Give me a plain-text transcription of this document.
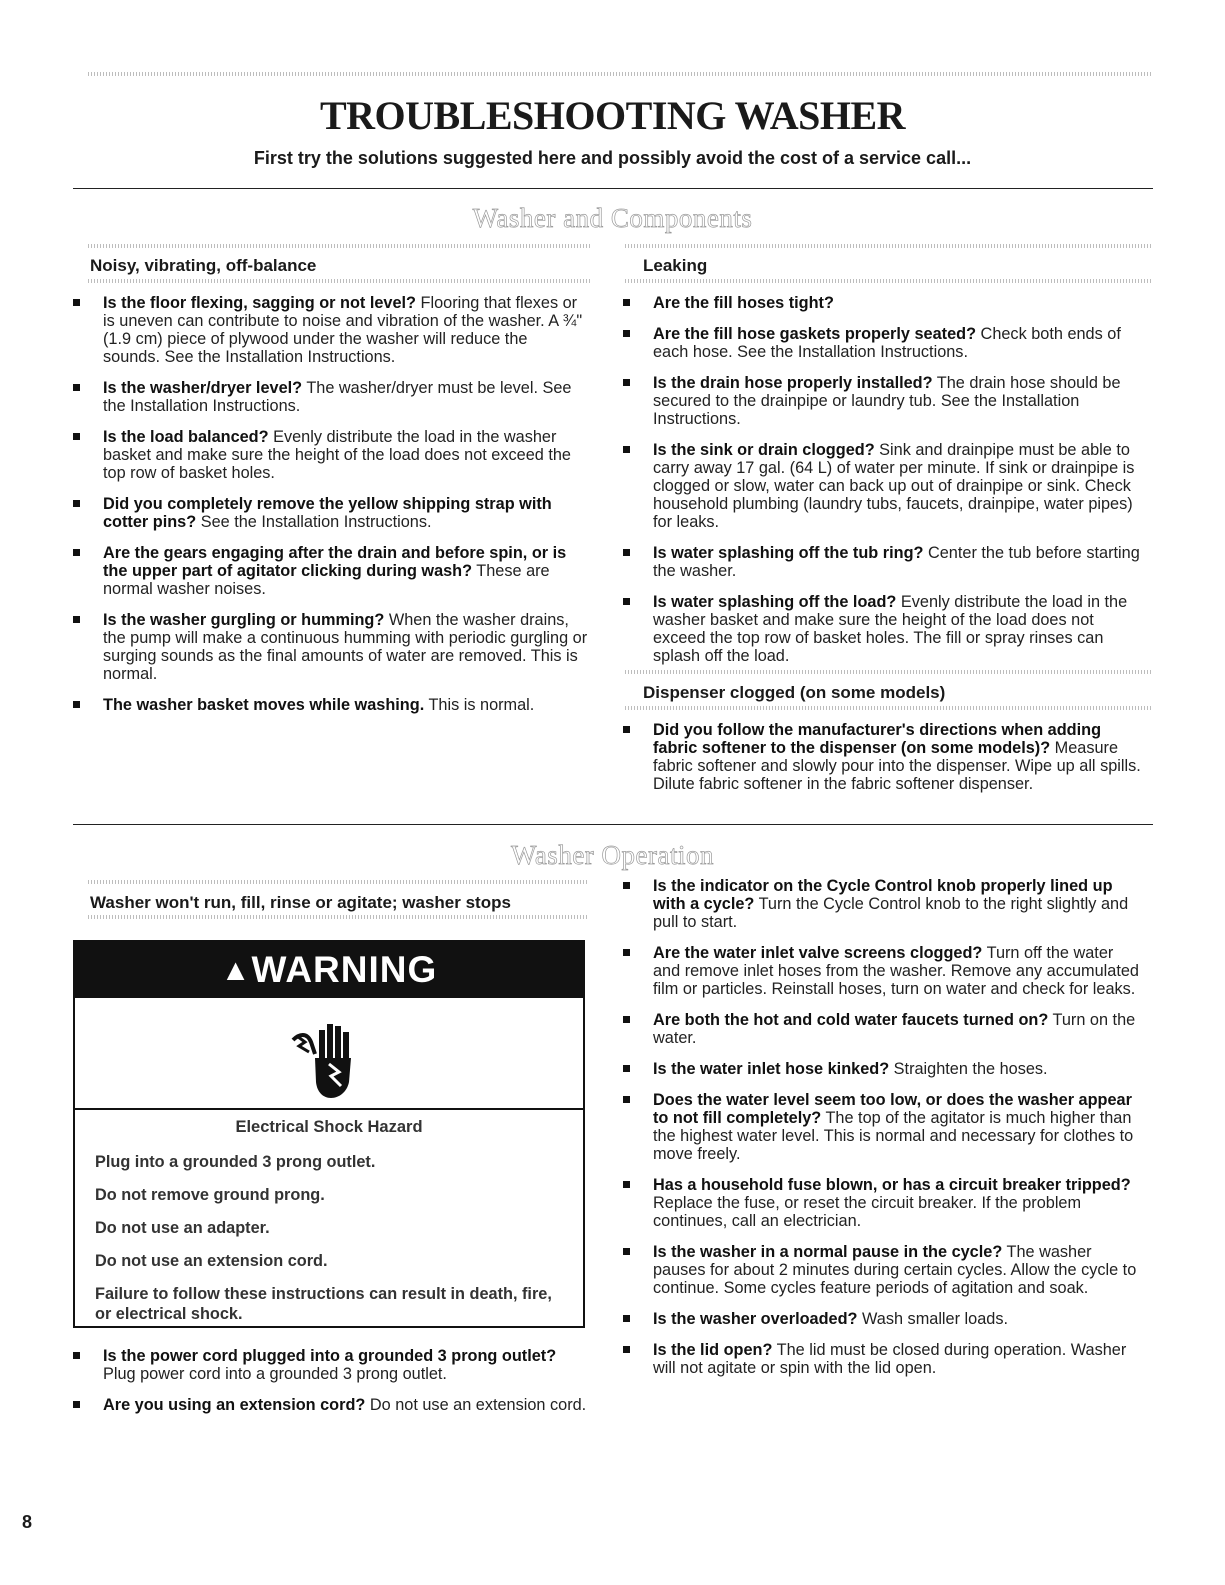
TROUBLESHOOTING WASHER
First try the solutions suggested here and possibly avoid the cost of a service call...
Washer and Components
Noisy, vibrating, off-balance
Is the floor flexing, sagging or not level? Flooring that flexes or is uneven can contribute to noise and vibration of the washer. A ¾" (1.9 cm) piece of plywood under the washer will reduce the sounds. See the Installation Instructions.
Is the washer/dryer level? The washer/dryer must be level. See the Installation Instructions.
Is the load balanced? Evenly distribute the load in the washer basket and make sure the height of the load does not exceed the top row of basket holes.
Did you completely remove the yellow shipping strap with cotter pins? See the Installation Instructions.
Are the gears engaging after the drain and before spin, or is the upper part of agitator clicking during wash? These are normal washer noises.
Is the washer gurgling or humming? When the washer drains, the pump will make a continuous humming with periodic gurgling or surging sounds as the final amounts of water are removed. This is normal.
The washer basket moves while washing. This is normal.
Leaking
Are the fill hoses tight?
Are the fill hose gaskets properly seated? Check both ends of each hose. See the Installation Instructions.
Is the drain hose properly installed? The drain hose should be secured to the drainpipe or laundry tub. See the Installation Instructions.
Is the sink or drain clogged? Sink and drainpipe must be able to carry away 17 gal. (64 L) of water per minute. If sink or drainpipe is clogged or slow, water can back up out of drainpipe or sink. Check household plumbing (laundry tubs, faucets, drainpipe, water pipes) for leaks.
Is water splashing off the tub ring? Center the tub before starting the washer.
Is water splashing off the load? Evenly distribute the load in the washer basket and make sure the height of the load does not exceed the top row of basket holes. The fill or spray rinses can splash off the load.
Dispenser clogged (on some models)
Did you follow the manufacturer's directions when adding fabric softener to the dispenser (on some models)? Measure fabric softener and slowly pour into the dispenser. Wipe up all spills. Dilute fabric softener in the fabric softener dispenser.
Washer Operation
Washer won't run, fill, rinse or agitate; washer stops
▲WARNING
Electrical Shock Hazard

Plug into a grounded 3 prong outlet.

Do not remove ground prong.

Do not use an adapter.

Do not use an extension cord.

Failure to follow these instructions can result in death, fire, or electrical shock.

Is the power cord plugged into a grounded 3 prong outlet? Plug power cord into a grounded 3 prong outlet.
Are you using an extension cord? Do not use an extension cord.
Is the indicator on the Cycle Control knob properly lined up with a cycle? Turn the Cycle Control knob to the right slightly and pull to start.
Are the water inlet valve screens clogged? Turn off the water and remove inlet hoses from the washer. Remove any accumulated film or particles. Reinstall hoses, turn on water and check for leaks.
Are both the hot and cold water faucets turned on? Turn on the water.
Is the water inlet hose kinked? Straighten the hoses.
Does the water level seem too low, or does the washer appear to not fill completely? The top of the agitator is much higher than the highest water level. This is normal and necessary for clothes to move freely.
Has a household fuse blown, or has a circuit breaker tripped? Replace the fuse, or reset the circuit breaker. If the problem continues, call an electrician.
Is the washer in a normal pause in the cycle? The washer pauses for about 2 minutes during certain cycles. Allow the cycle to continue. Some cycles feature periods of agitation and soak.
Is the washer overloaded? Wash smaller loads.
Is the lid open? The lid must be closed during operation. Washer will not agitate or spin with the lid open.
8
